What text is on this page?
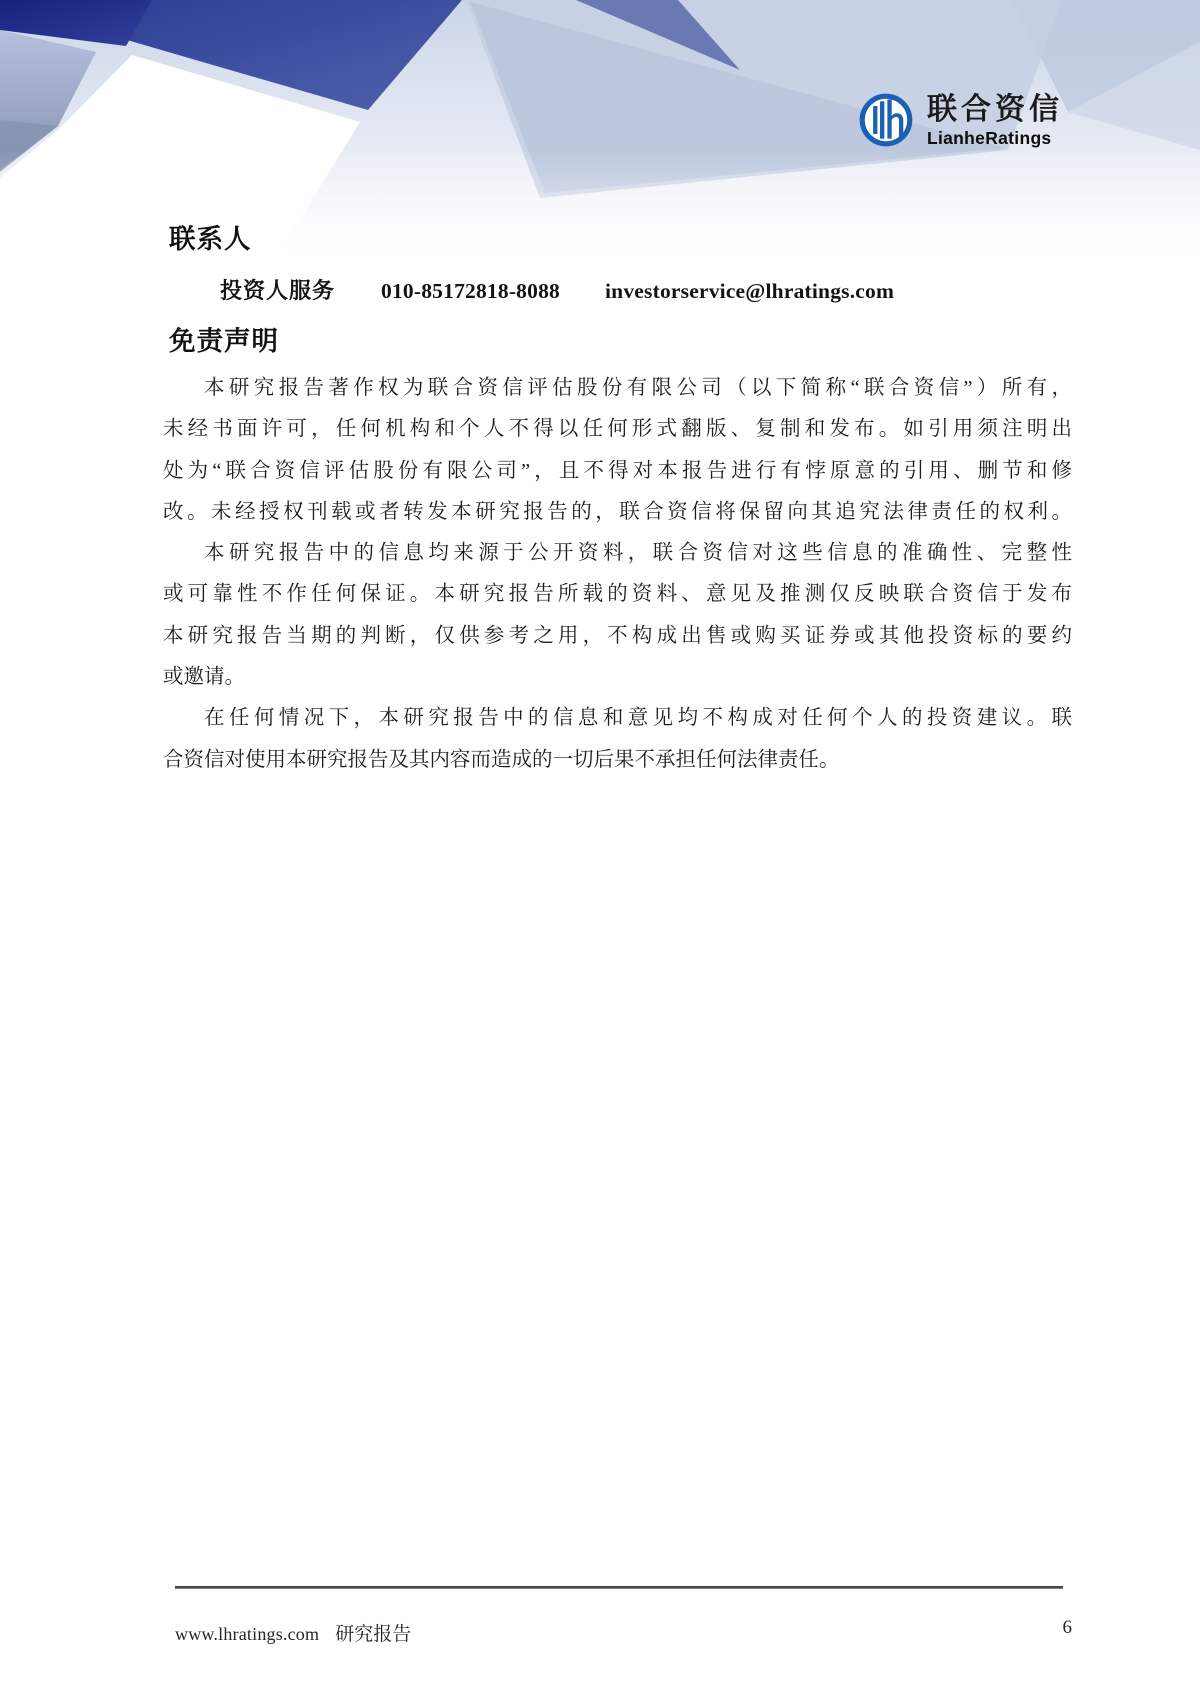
联合资信
LianheRatings
联系人
投资人服务 010-85172818-8088 investorservice@lhratings.com
免责声明
本研究报告著作权为联合资信评估股份有限公司（以下简称“联合资信”）所有，
未经书面许可，任何机构和个人不得以任何形式翻版、复制和发布。如引用须注明出
处为“联合资信评估股份有限公司”，且不得对本报告进行有悖原意的引用、删节和修
改。未经授权刊载或者转发本研究报告的，联合资信将保留向其追究法律责任的权利。
本研究报告中的信息均来源于公开资料，联合资信对这些信息的准确性、完整性
或可靠性不作任何保证。本研究报告所载的资料、意见及推测仅反映联合资信于发布
本研究报告当期的判断，仅供参考之用，不构成出售或购买证券或其他投资标的要约
或邀请。
在任何情况下，本研究报告中的信息和意见均不构成对任何个人的投资建议。联
合资信对使用本研究报告及其内容而造成的一切后果不承担任何法律责任。
www.lhratings.com 研究报告	6
